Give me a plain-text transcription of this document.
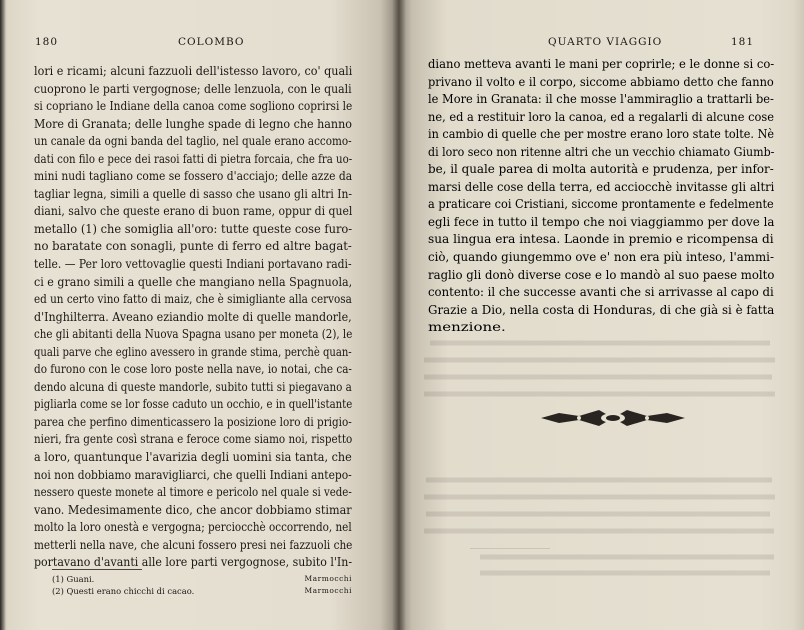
180	COLOMBO
lori e ricami; alcuni fazzuoli dell'istesso lavoro, co' quali
cuoprono le parti vergognose; delle lenzuola, con le quali
si copriano le Indiane della canoa come sogliono coprirsi le
More di Granata; delle lunghe spade di legno che hanno
un canale da ogni banda del taglio, nel quale erano accomo-
dati con filo e pece dei rasoi fatti di pietra forcaia, che fra uo-
mini nudi tagliano come se fossero d'acciajo; delle azze da
tagliar legna, simili a quelle di sasso che usano gli altri In-
diani, salvo che queste erano di buon rame, oppur di quel
metallo (1) che somiglia all'oro: tutte queste cose furo-
no baratate con sonagli, punte di ferro ed altre bagat-
telle. — Per loro vettovaglie questi Indiani portavano radi-
ci e grano simili a quelle che mangiano nella Spagnuola,
ed un certo vino fatto di maiz, che è simigliante alla cervosa
d'Inghilterra. Aveano eziandio molte di quelle mandorle,
che gli abitanti della Nuova Spagna usano per moneta (2), le
quali parve che eglino avessero in grande stima, perchè quan-
do furono con le cose loro poste nella nave, io notai, che ca-
dendo alcuna di queste mandorle, subito tutti si piegavano a
pigliarla come se lor fosse caduto un occhio, e in quell'istante
parea che perfino dimenticassero la posizione loro di prigio-
nieri, fra gente così strana e feroce come siamo noi, rispetto
a loro, quantunque l'avarizia degli uomini sia tanta, che
noi non dobbiamo maravigliarci, che quelli Indiani antepo-
nessero queste monete al timore e pericolo nel quale si vede-
vano. Medesimamente dico, che ancor dobbiamo stimar
molto la loro onestà e vergogna; perciocchè occorrendo, nel
metterli nella nave, che alcuni fossero presi nei fazzuoli che
portavano d'avanti alle lore parti vergognose, subito l'In-
(1) Guani.	Marmocchi
(2) Questi erano chicchi di cacao.	Marmocchi
QUARTO VIAGGIO	181
diano metteva avanti le mani per coprirle; e le donne si co-
privano il volto e il corpo, siccome abbiamo detto che fanno
le More in Granata: il che mosse l'ammiraglio a trattarli be-
ne, ed a restituir loro la canoa, ed a regalarli di alcune cose
in cambio di quelle che per mostre erano loro state tolte. Nè
di loro seco non ritenne altri che un vecchio chiamato Giumb-
be, il quale parea di molta autorità e prudenza, per infor-
marsi delle cose della terra, ed acciocchè invitasse gli altri
a praticare coi Cristiani, siccome prontamente e fedelmente
egli fece in tutto il tempo che noi viaggiammo per dove la
sua lingua era intesa. Laonde in premio e ricompensa di
ciò, quando giungemmo ove e' non era più inteso, l'ammi-
raglio gli donò diverse cose e lo mandò al suo paese molto
contento: il che successe avanti che si arrivasse al capo di
Grazie a Dio, nella costa di Honduras, di che già si è fatta
menzione.
